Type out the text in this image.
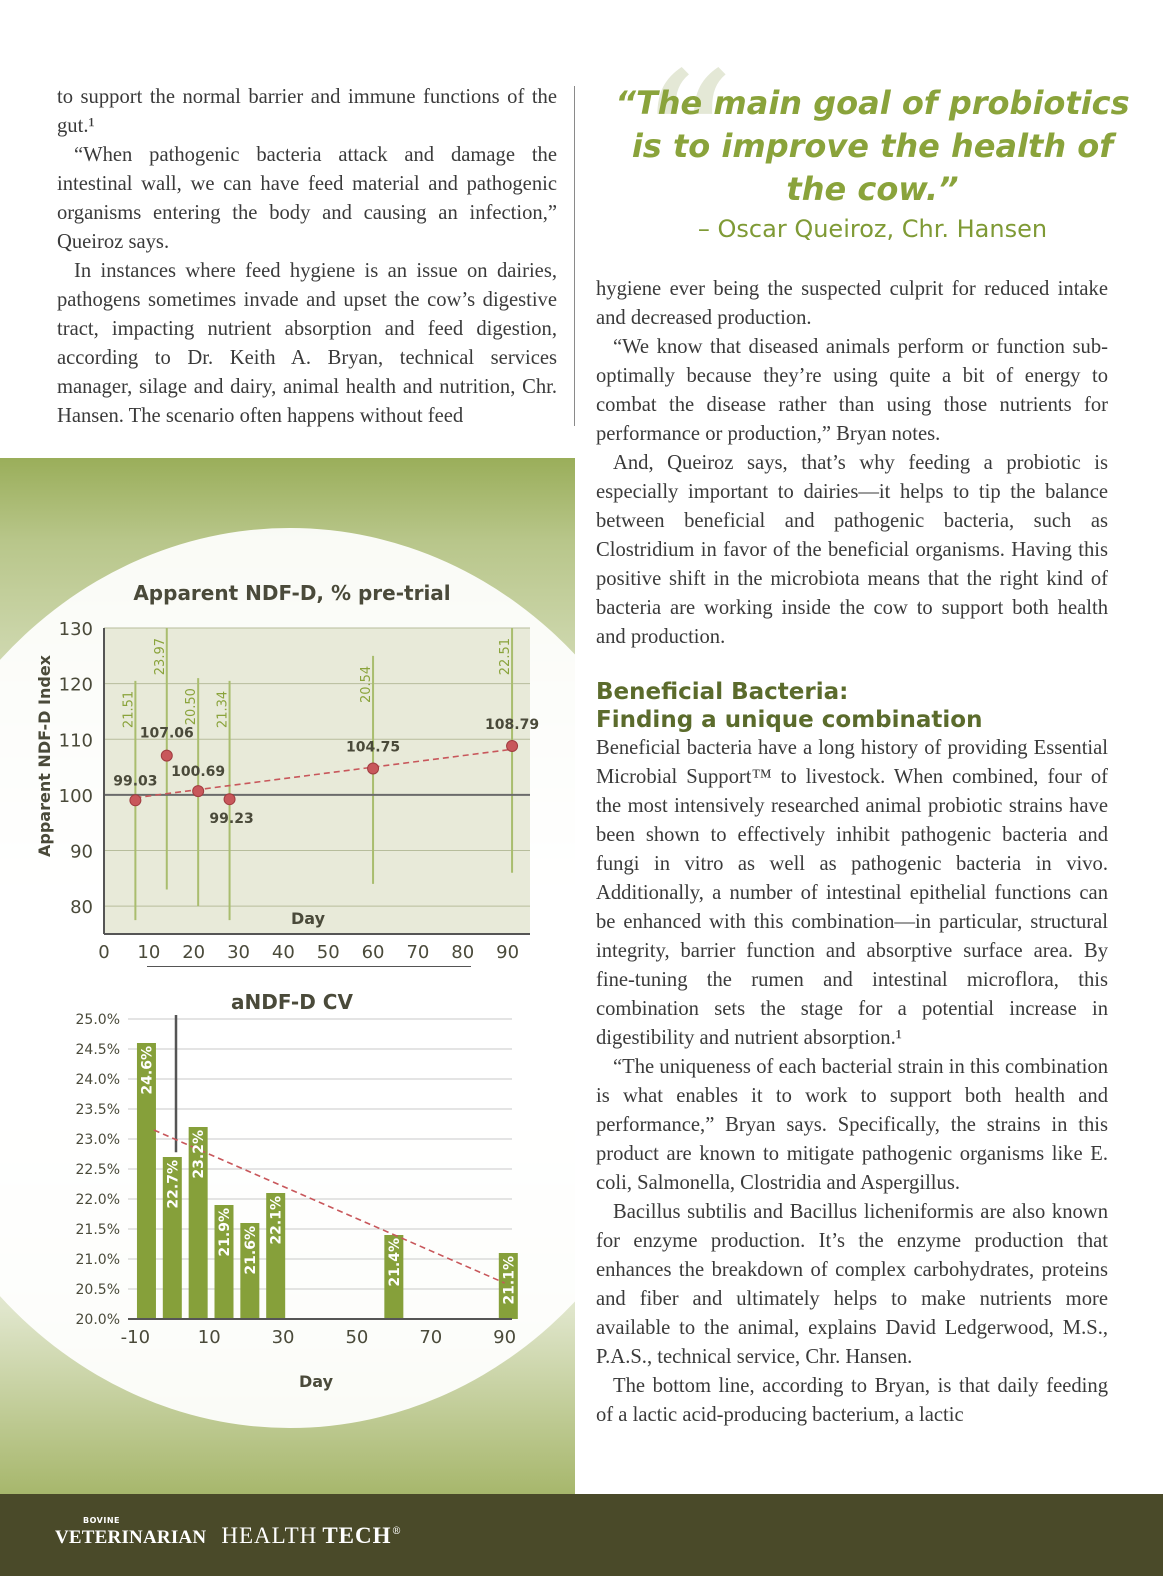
to support the normal barrier and immune functions of the gut.¹

“When pathogenic bacteria attack and damage the intestinal wall, we can have feed material and pathogenic organisms entering the body and causing an infection,” Queiroz says.

In instances where feed hygiene is an issue on dairies, pathogens sometimes invade and upset the cow’s digestive tract, impacting nutrient absorption and feed digestion, according to Dr. Keith A. Bryan, technical services manager, silage and dairy, animal health and nutrition, Chr. Hansen. The scenario often happens without feed

Apparent NDF-D, % pre-trial
Day
Apparent NDF-D Index
80
90
100
110
120
130
0 10 20 30 40 50 60 70 80 90
21.51
23.97
20.50 21.34
20.54
22.51
99.03
107.06
100.69
99.23
104.75
108.79
aNDF-D CV
Day
20.0%
20.5%
21.0%
21.5%
22.0%
22.5%
23.0%
23.5%
24.0%
24.5%
25.0%
-10	10	30	50	70	90
24.6%
22.7%
23.2%
21.9% 21.6%
22.1%
21.4%	21.1%
“

“The main goal of probiotics is to improve the health of the cow.”

– Oscar Queiroz, Chr. Hansen

hygiene ever being the suspected culprit for reduced intake and decreased production.

“We know that diseased animals perform or function sub-optimally because they’re using quite a bit of energy to combat the disease rather than using those nutrients for performance or production,” Bryan notes.

And, Queiroz says, that’s why feeding a probiotic is especially important to dairies—it helps to tip the balance between beneficial and pathogenic bacteria, such as Clostridium in favor of the beneficial organisms. Having this positive shift in the microbiota means that the right kind of bacteria are working inside the cow to support both health and production.

Beneficial Bacteria:
Finding a unique combination

Beneficial bacteria have a long history of providing Essential Microbial Support™ to livestock. When combined, four of the most intensively researched animal probiotic strains have been shown to effectively inhibit pathogenic bacteria and fungi in vitro as well as pathogenic bacteria in vivo. Additionally, a number of intestinal epithelial functions can be enhanced with this combination—in particular, structural integrity, barrier function and absorptive surface area. By fine-tuning the rumen and intestinal microflora, this combination sets the stage for a potential increase in digestibility and nutrient absorption.¹

“The uniqueness of each bacterial strain in this combination is what enables it to work to support both health and performance,” Bryan says. Specifically, the strains in this product are known to mitigate pathogenic organisms like E. coli, Salmonella, Clostridia and Aspergillus.

Bacillus subtilis and Bacillus licheniformis are also known for enzyme production. It’s the enzyme production that enhances the breakdown of complex carbohydrates, proteins and fiber and ultimately helps to make nutrients more available to the animal, explains David Ledgerwood, M.S., P.A.S., technical service, Chr. Hansen.

The bottom line, according to Bryan, is that daily feeding of a lactic acid-producing bacterium, a lactic

BOVINE
VETERINARIAN HEALTH TECH®
